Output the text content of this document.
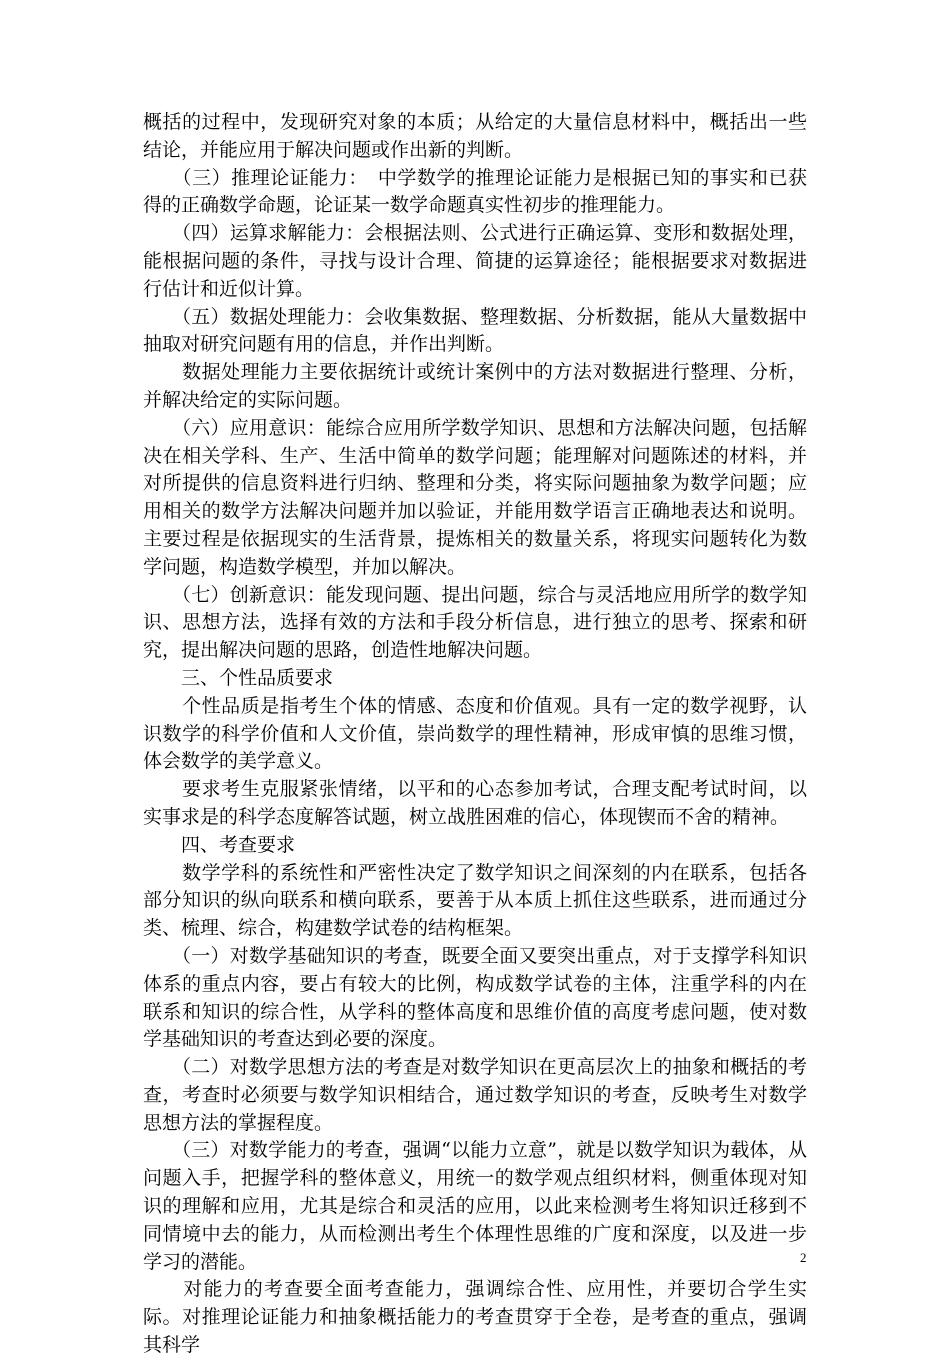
概括的过程中，发现研究对象的本质；从给定的大量信息材料中，概括出一些结论，并能应用于解决问题或作出新的判断。

　　（三）推理论证能力：　中学数学的推理论证能力是根据已知的事实和已获得的正确数学命题，论证某一数学命题真实性初步的推理能力。

　　（四）运算求解能力：会根据法则、公式进行正确运算、变形和数据处理，能根据问题的条件，寻找与设计合理、简捷的运算途径；能根据要求对数据进行估计和近似计算。

　　（五）数据处理能力：会收集数据、整理数据、分析数据，能从大量数据中抽取对研究问题有用的信息，并作出判断。

　　数据处理能力主要依据统计或统计案例中的方法对数据进行整理、分析，并解决给定的实际问题。

　　（六）应用意识：能综合应用所学数学知识、思想和方法解决问题，包括解决在相关学科、生产、生活中简单的数学问题；能理解对问题陈述的材料，并对所提供的信息资料进行归纳、整理和分类，将实际问题抽象为数学问题；应用相关的数学方法解决问题并加以验证，并能用数学语言正确地表达和说明。主要过程是依据现实的生活背景，提炼相关的数量关系，将现实问题转化为数学问题，构造数学模型，并加以解决。

　　（七）创新意识：能发现问题、提出问题，综合与灵活地应用所学的数学知识、思想方法，选择有效的方法和手段分析信息，进行独立的思考、探索和研究，提出解决问题的思路，创造性地解决问题。

　　三、个性品质要求

　　个性品质是指考生个体的情感、态度和价值观。具有一定的数学视野，认识数学的科学价值和人文价值，崇尚数学的理性精神，形成审慎的思维习惯，体会数学的美学意义。

　　要求考生克服紧张情绪，以平和的心态参加考试，合理支配考试时间，以实事求是的科学态度解答试题，树立战胜困难的信心，体现锲而不舍的精神。

　　四、考查要求

　　数学学科的系统性和严密性决定了数学知识之间深刻的内在联系，包括各部分知识的纵向联系和横向联系，要善于从本质上抓住这些联系，进而通过分类、梳理、综合，构建数学试卷的结构框架。

　　（一）对数学基础知识的考查，既要全面又要突出重点，对于支撑学科知识体系的重点内容，要占有较大的比例，构成数学试卷的主体，注重学科的内在联系和知识的综合性，从学科的整体高度和思维价值的高度考虑问题，使对数学基础知识的考查达到必要的深度。

　　（二）对数学思想方法的考查是对数学知识在更高层次上的抽象和概括的考查，考查时必须要与数学知识相结合，通过数学知识的考查，反映考生对数学思想方法的掌握程度。

　　（三）对数学能力的考查，强调“以能力立意”，就是以数学知识为载体，从问题入手，把握学科的整体意义，用统一的数学观点组织材料，侧重体现对知识的理解和应用，尤其是综合和灵活的应用，以此来检测考生将知识迁移到不同情境中去的能力，从而检测出考生个体理性思维的广度和深度，以及进一步学习的潜能。

　　对能力的考查要全面考查能力，强调综合性、应用性，并要切合学生实际。对推理论证能力和抽象概括能力的考查贯穿于全卷，是考查的重点，强调其科学

2
